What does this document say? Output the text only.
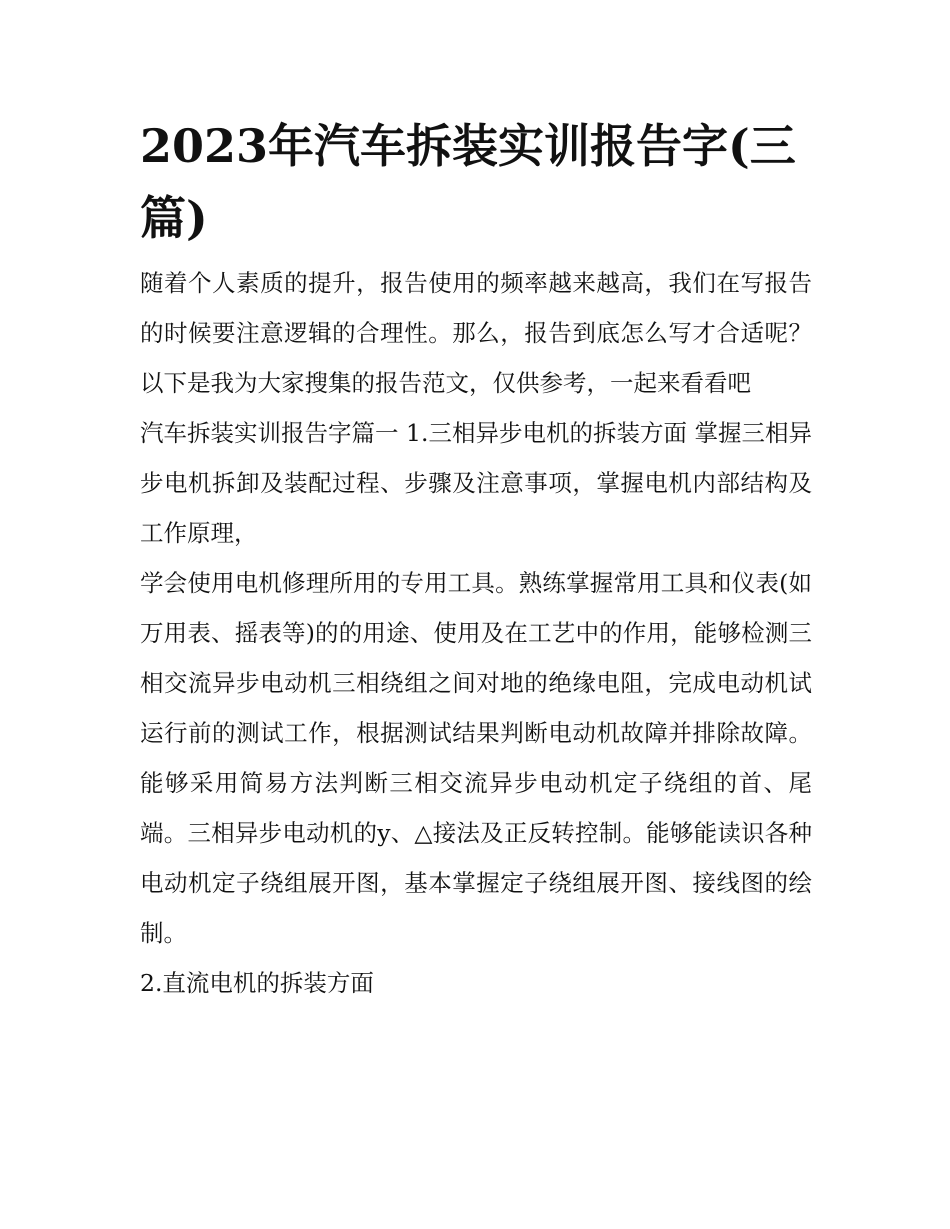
2023年汽车拆装实训报告字(三篇)

随着个人素质的提升，报告使用的频率越来越高，我们在写报告的时候要注意逻辑的合理性。那么，报告到底怎么写才合适呢？以下是我为大家搜集的报告范文，仅供参考，一起来看看吧

汽车拆装实训报告字篇一 1.三相异步电机的拆装方面 掌握三相异步电机拆卸及装配过程、步骤及注意事项，掌握电机内部结构及工作原理，

学会使用电机修理所用的专用工具。熟练掌握常用工具和仪表(如万用表、摇表等)的的用途、使用及在工艺中的作用，能够检测三相交流异步电动机三相绕组之间对地的绝缘电阻，完成电动机试运行前的测试工作，根据测试结果判断电动机故障并排除故障。能够采用简易方法判断三相交流异步电动机定子绕组的首、尾端。三相异步电动机的y、△接法及正反转控制。能够能读识各种电动机定子绕组展开图，基本掌握定子绕组展开图、接线图的绘制。

2.直流电机的拆装方面
